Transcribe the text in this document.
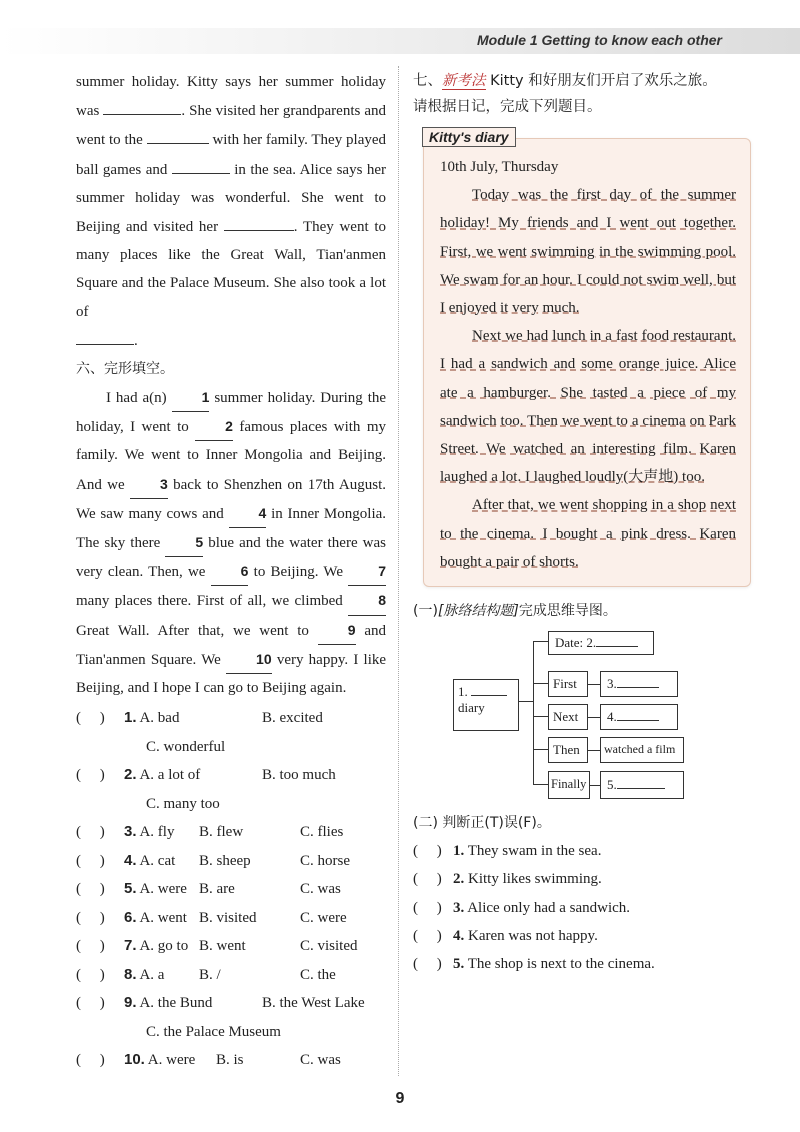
Module 1 Getting to know each other
summer holiday. Kitty says her summer holiday was	. She visited her grandparents and went to the	with her family. They played ball games and	in the sea. Alice says her summer holiday was wonderful. She went to Beijing and visited her	. They went to many places like the Great Wall, Tian'anmen Square and the Palace Museum. She also took a lot of
.
六、完形填空。
I had a(n) 1 summer holiday. During the holiday, I went to	2 famous places with my family. We went to Inner Mongolia and Beijing. And we	3 back to Shenzhen on 17th August. We saw many cows and 4 in Inner Mongolia. The sky there	5 blue and the water there was very clean. Then, we	6 to Beijing. We	7 many places there. First of all, we climbed	8 Great Wall. After that, we went to	9 and Tian'anmen Square. We	10 very happy. I like Beijing, and I hope I can go to Beijing again.
(     ) 1. A. bad	B. excited
C. wonderful
(     ) 2. A. a lot of	B. too much
C. many too
(     ) 3. A. fly B. flew	C. flies
(     ) 4. A. cat B. sheep	C. horse
(     ) 5. A. were B. are	C. was
(     ) 6. A. went B. visited	C. were
(     ) 7. A. go to B. went	C. visited
(     ) 8. A. a B. /	C. the
(     ) 9. A. the Bund	B. the West Lake
C. the Palace Museum
(     ) 10. A. were B. is	C. was
七、新考法 Kitty 和好朋友们开启了欢乐之旅。请根据日记，完成下列题目。
Kitty's diary

10th July, Thursday

Today was the first day of the summer holiday! My friends and I went out together. First, we went swimming in the swimming pool. We swam for an hour. I could not swim well, but I enjoyed it very much.

Next we had lunch in a fast food restaurant. I had a sandwich and some orange juice. Alice ate a hamburger. She tasted a piece of my sandwich too. Then we went to a cinema on Park Street. We watched an interesting film. Karen laughed a lot. I laughed loudly(大声地) too.

After that, we went shopping in a shop next to the cinema. I bought a pink dress. Karen bought a pair of shorts.

(一)[脉络结构题]完成思维导图。
1.
diary
Date: 2.
First	3.
Next	4.
Then	watched a film
Finally	5.
(二) 判断正(T)误(F)。
(     ) 1. They swam in the sea.
(     ) 2. Kitty likes swimming.
(     ) 3. Alice only had a sandwich.
(     ) 4. Karen was not happy.
(     ) 5. The shop is next to the cinema.
9
